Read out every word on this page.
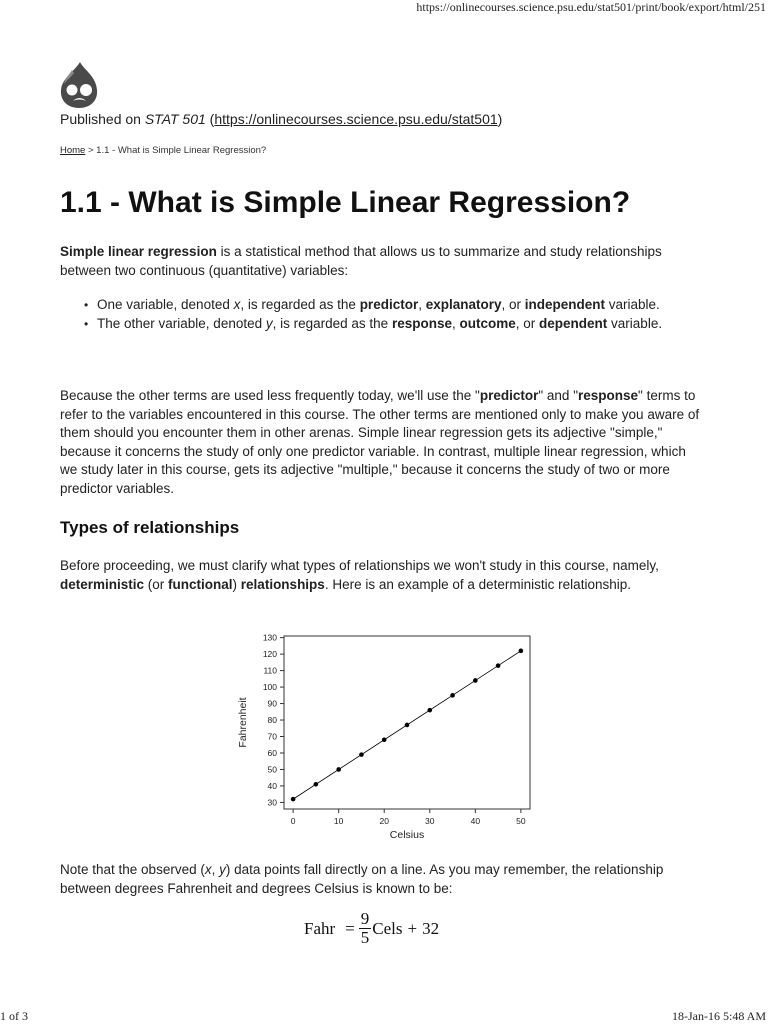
https://onlinecourses.science.psu.edu/stat501/print/book/export/html/251
Published on STAT 501 (https://onlinecourses.science.psu.edu/stat501)
Home > 1.1 - What is Simple Linear Regression?
1.1 - What is Simple Linear Regression?

Simple linear regression is a statistical method that allows us to summarize and study relationships between two continuous (quantitative) variables:

• One variable, denoted x, is regarded as the predictor, explanatory, or independent variable.
• The other variable, denoted y, is regarded as the response, outcome, or dependent variable.

Because the other terms are used less frequently today, we'll use the "predictor" and "response" terms to refer to the variables encountered in this course. The other terms are mentioned only to make you aware of them should you encounter them in other arenas. Simple linear regression gets its adjective "simple," because it concerns the study of only one predictor variable. In contrast, multiple linear regression, which we study later in this course, gets its adjective "multiple," because it concerns the study of two or more predictor variables.

Types of relationships

Before proceeding, we must clarify what types of relationships we won't study in this course, namely, deterministic (or functional) relationships. Here is an example of a deterministic relationship.

30
40
50
60
70
80
90
100
110
120
130
0	10	20	30	40	50
Celsius
Fahrenheit

Note that the observed (x, y) data points fall directly on a line. As you may remember, the relationship between degrees Fahrenheit and degrees Celsius is known to be:

Fahr = $\frac{9}{5}$ Cels + 32
1 of 3	18-Jan-16 5:48 AM
